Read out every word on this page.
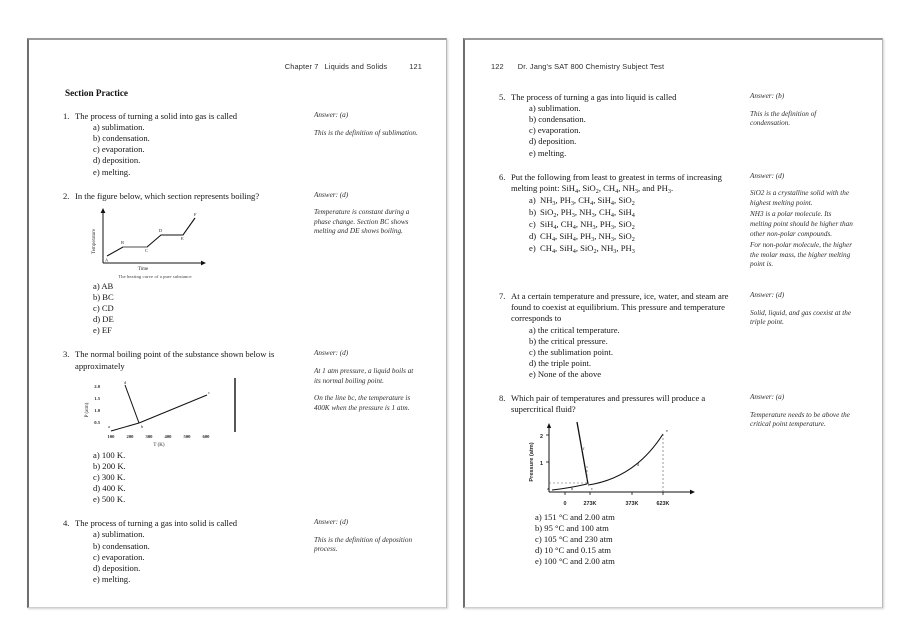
Chapter 7 Liquids and Solids	121
Section Practice
1. The process of turning a solid into gas is called
a) sublimation.
b) condensation.
c) evaporation.
d) deposition.
e) melting.
Answer: (a)

This is the definition of sublimation.

2. In the figure below, which section represents boiling?
A
B
C
D
E
F
Temperature
Time
The heating curve of a pure substance
a) AB
b) BC
c) CD
d) DE
e) EF
Answer: (d)

Temperature is constant during a phase change. Section BC shows melting and DE shows boiling.

3. The normal boiling point of the substance shown below is approximately
2.0
1.5
1.0
0.5
P (atm)
d
c
a	b
100	200	300	400	500	600
T (K)
a) 100 K.
b) 200 K.
c) 300 K.
d) 400 K.
e) 500 K.
Answer: (d)

At 1 atm pressure, a liquid boils at its normal boiling point.

On the line bc, the temperature is 400K when the pressure is 1 atm.

4. The process of turning a gas into solid is called
a) sublimation.
b) condensation.
c) evaporation.
d) deposition.
e) melting.
Answer: (d)

This is the definition of deposition process.

122 Dr. Jang's SAT 800 Chemistry Subject Test
5. The process of turning a gas into liquid is called
a) sublimation.
b) condensation.
c) evaporation.
d) deposition.
e) melting.
Answer: (b)

This is the definition of condensation.

6. Put the following from least to greatest in terms of increasing melting point: SiH$_4$, SiO$_2$, $CH_4$, $NH_3$, and $PH_3$.
a) $NH_3$, $PH_3$, $CH_4$, SiH$_4$, SiO$_2$
b) SiO$_2$, $PH_3$, $NH_3$, $CH_4$, SiH$_4$
c) SiH$_4$, $CH_4$, $NH_3$, $PH_3$, SiO$_2$
d) $CH_4$, SiH$_4$, $PH_3$, $NH_3$, SiO$_2$
e) $CH_4$, SiH$_4$, SiO$_2$, $NH_3$, $PH_3$
Answer: (d)

SiO2 is a crystalline solid with the highest melting point.

NH3 is a polar molecule. Its melting point should be higher than other non-polar compounds.

For non-polar molecule, the higher the molar mass, the higher melting point is.

7. At a certain temperature and pressure, ice, water, and steam are found to coexist at equilibrium. This pressure and temperature corresponds to
a) the critical temperature.
b) the critical pressure.
c) the sublimation point.
d) the triple point.
e) None of the above
Answer: (d)

Solid, liquid, and gas coexist at the triple point.

8. Which pair of temperatures and pressures will produce a supercritical fluid?
2
1
Pressure (atm)
a	b	c
d
e
f
0	273K	373K	623K
a) 151 °C and 2.00 atm
b) 95 °C and 100 atm
c) 105 °C and 230 atm
d) 10 °C and 0.15 atm
e) 100 °C and 2.00 atm
Answer: (a)

Temperature needs to be above the critical point temperature.
